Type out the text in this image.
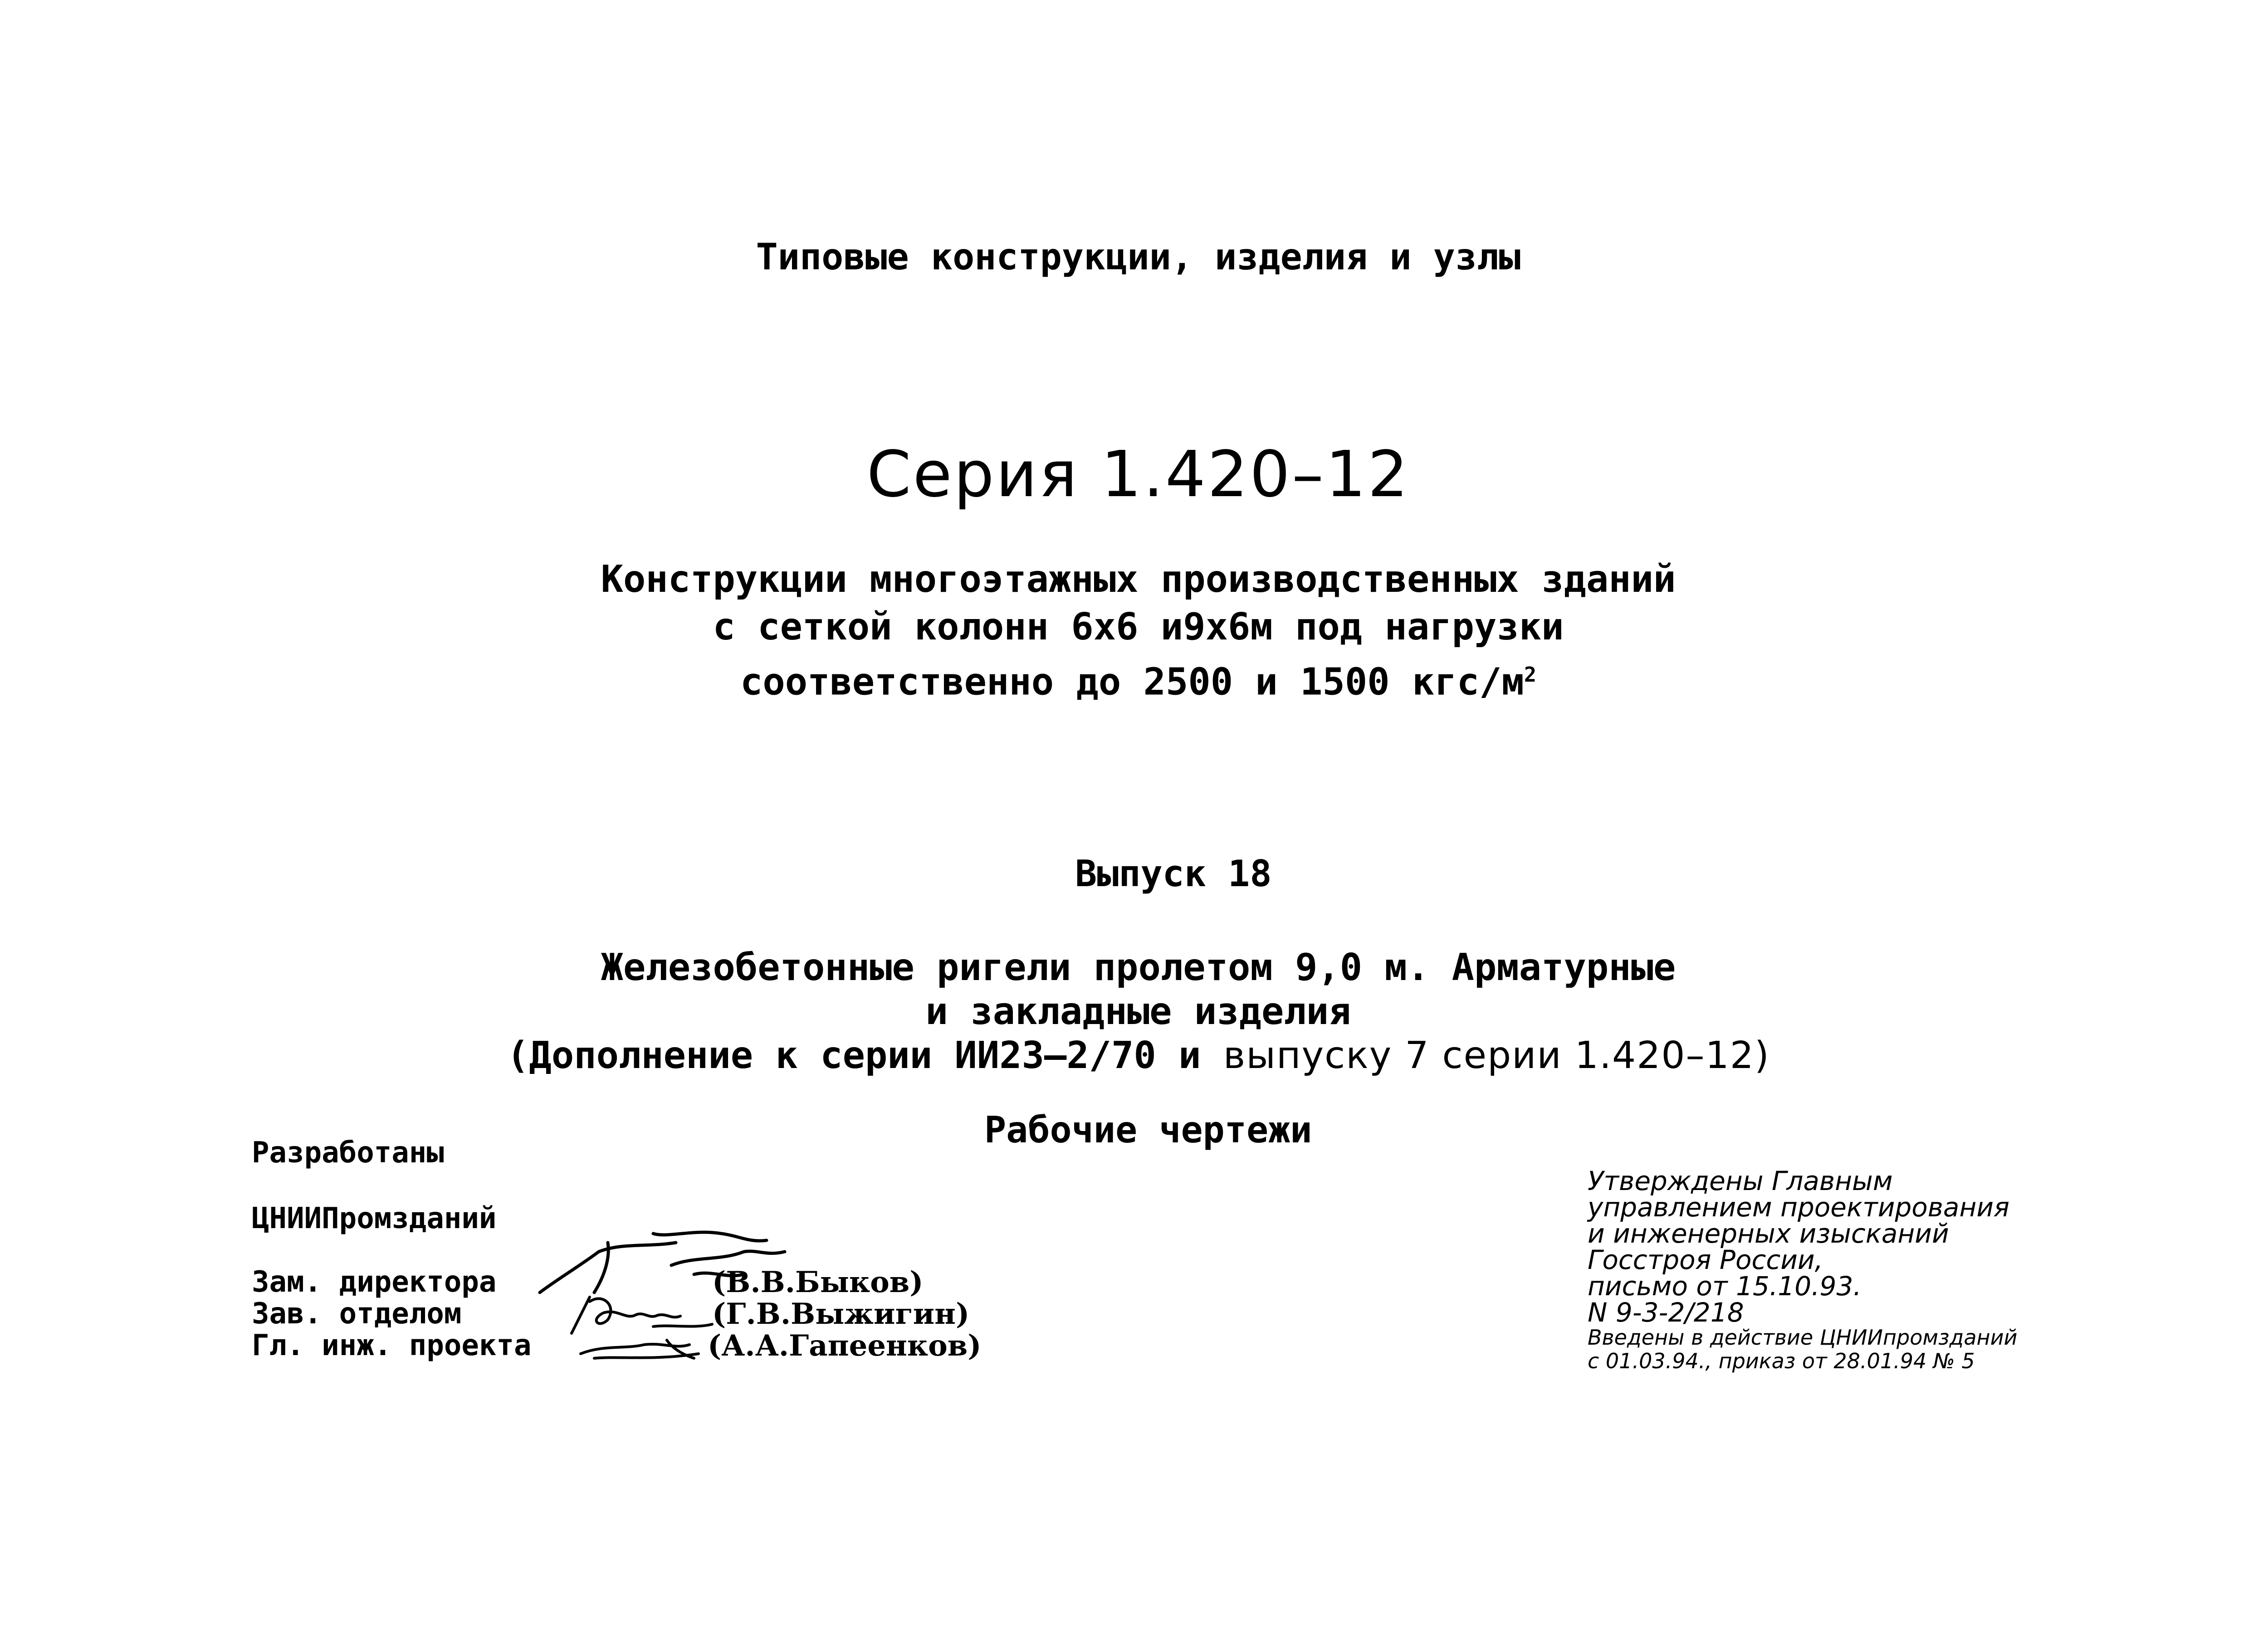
Типовые конструкции, изделия и узлы
Серия 1.420–12
Конструкции многоэтажных производственных зданий
с сеткой колонн 6х6 и9х6м под нагрузки
соответственно до 2500 и 1500 кгс/$м^2$
Выпуск 18
Железобетонные ригели пролетом 9,0 м. Арматурные
и закладные изделия
(Дополнение к серии ИИ23–2/70 и выпуску 7 серии 1.420–12)
Рабочие чертежи
Разработаны
ЦНИИПромзданий
Зам. директора
Зав. отделом
Гл. инж. проекта
(В.В.Быков)
(Г.В.Выжигин)
(А.А.Гапеенков)
Утверждены Главным
управлением проектирования
и инженерных изысканий
Госстроя России,
письмо от 15.10.93.
N 9-3-2/218
Введены в действие ЦНИИпромзданий
с 01.03.94., приказ от 28.01.94 № 5
